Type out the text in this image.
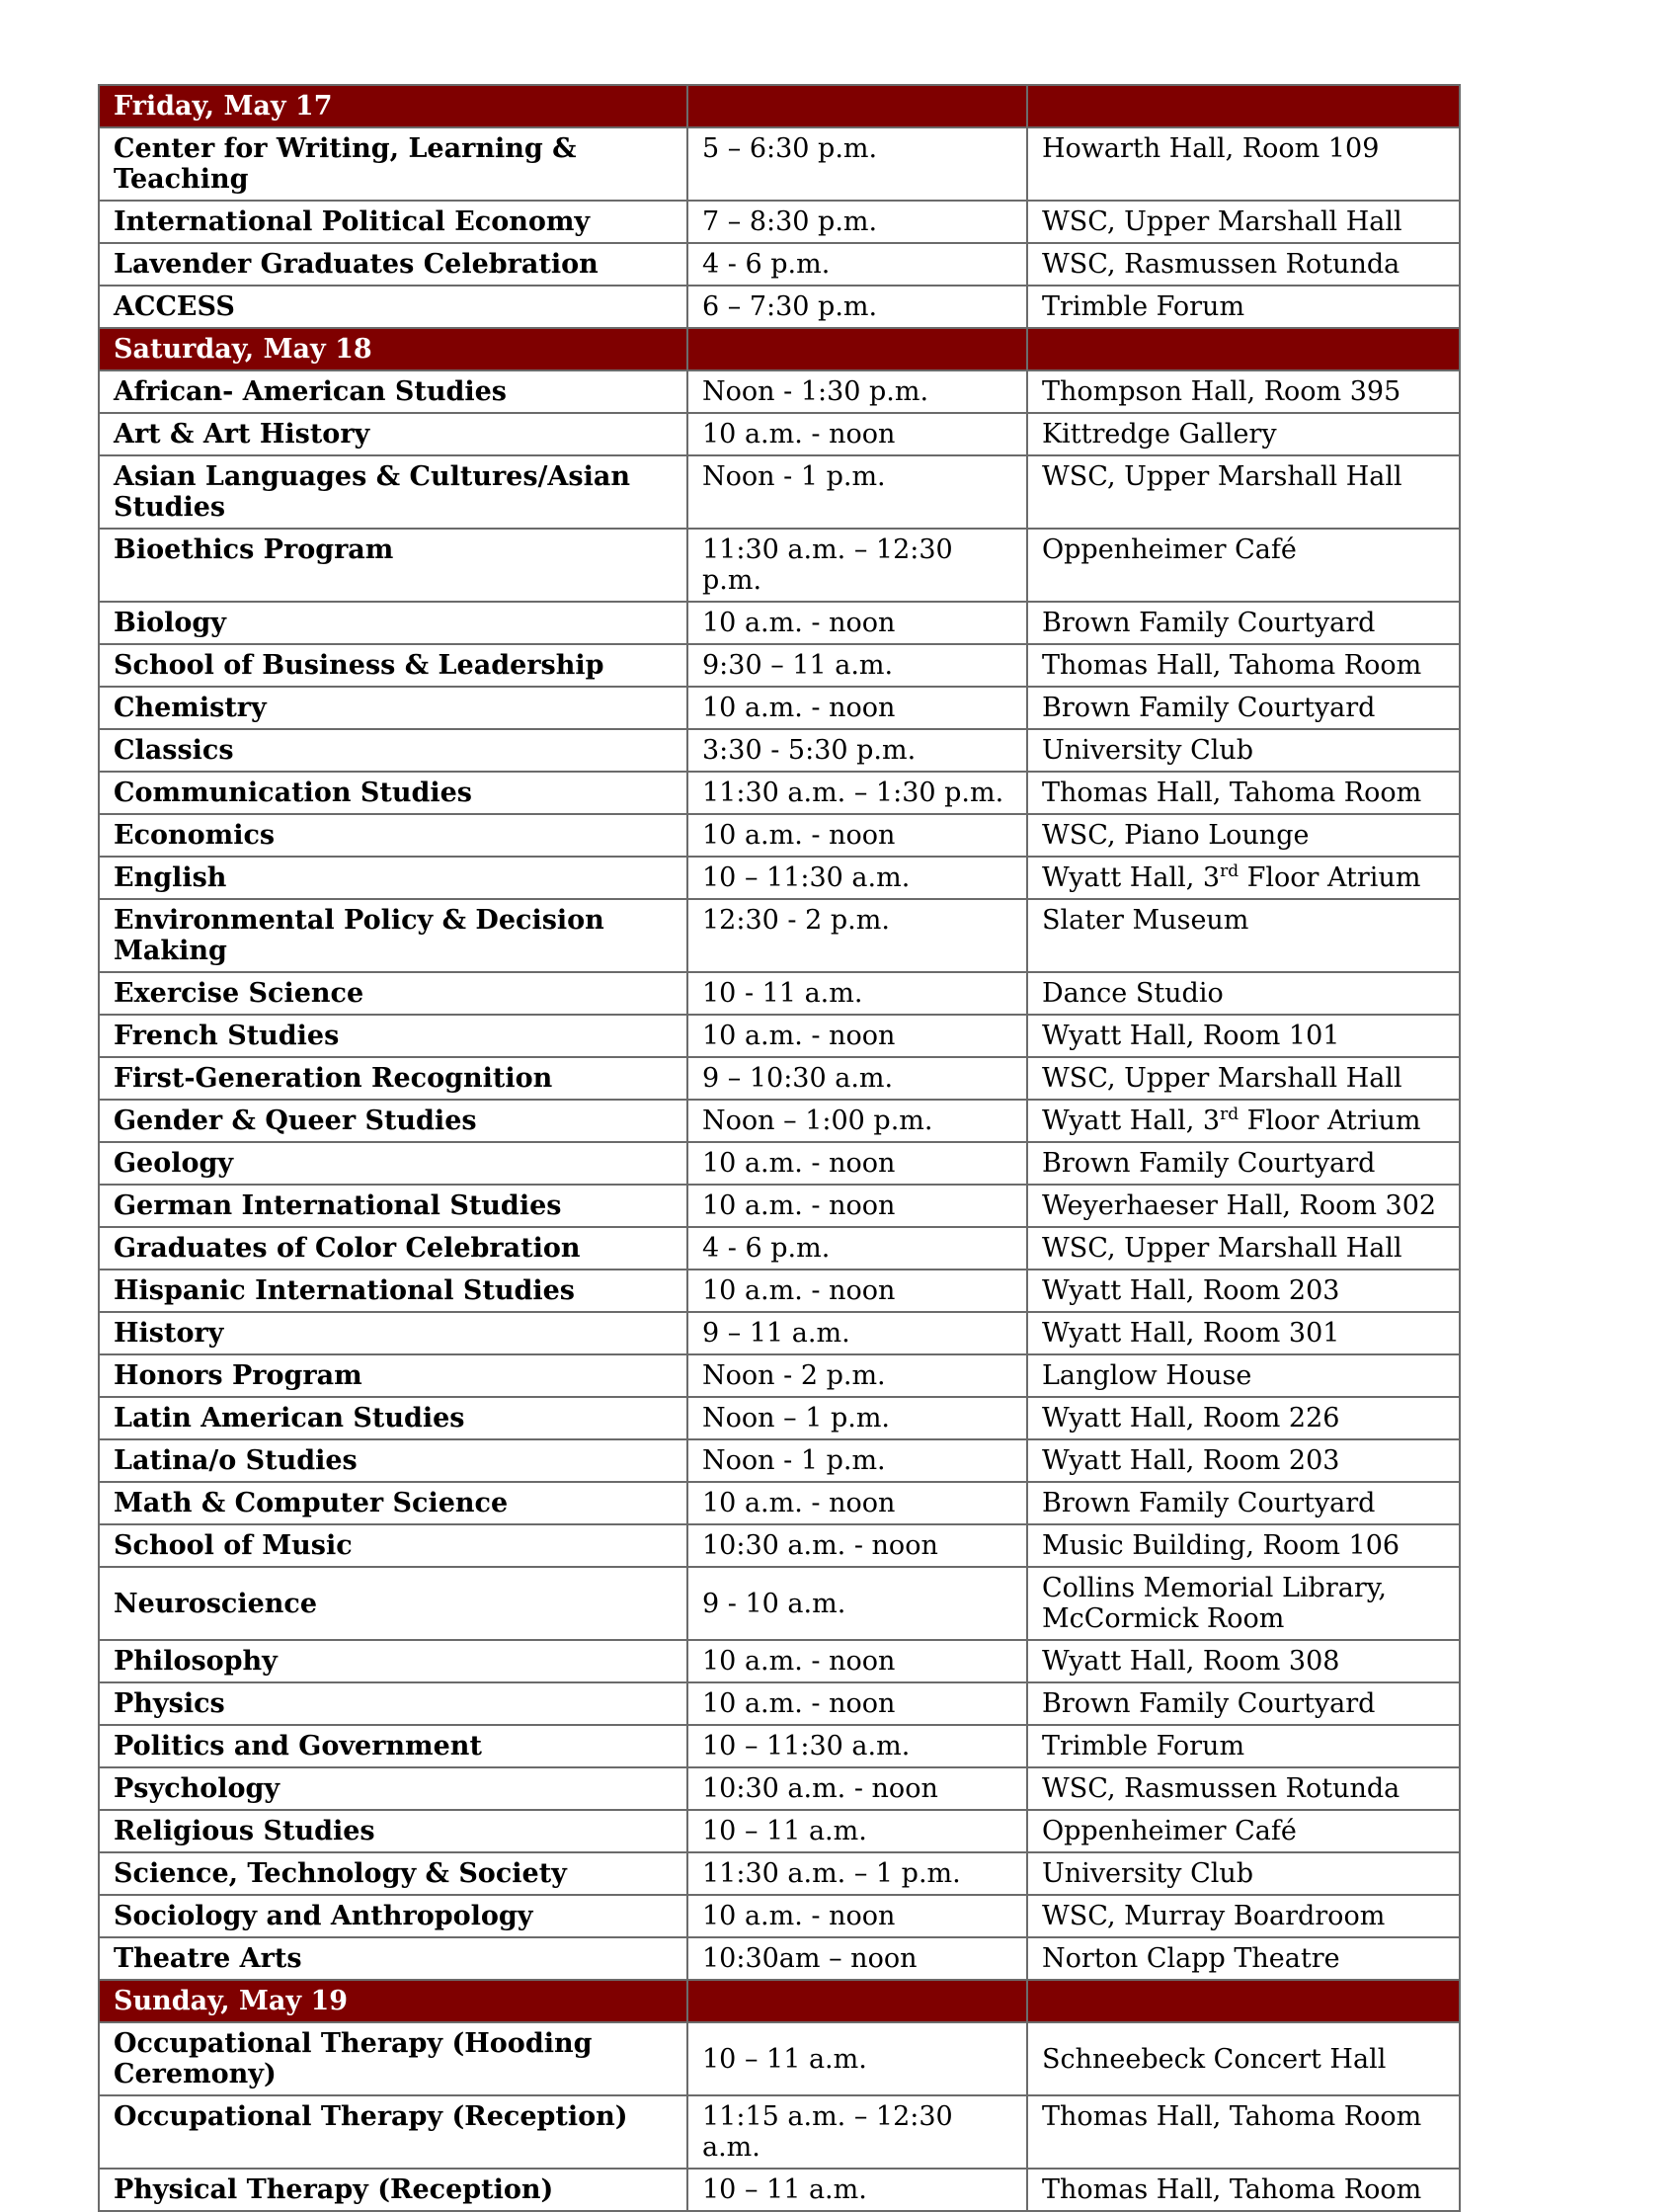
Friday, May 17		
Center for Writing, Learning & Teaching	5 – 6:30 p.m.	Howarth Hall, Room 109
International Political Economy	7 – 8:30 p.m.	WSC, Upper Marshall Hall
Lavender Graduates Celebration	4 - 6 p.m.	WSC, Rasmussen Rotunda
ACCESS	6 – 7:30 p.m.	Trimble Forum
Saturday, May 18		
African- American Studies	Noon - 1:30 p.m.	Thompson Hall, Room 395
Art & Art History	10 a.m. - noon	Kittredge Gallery
Asian Languages & Cultures/Asian Studies	Noon - 1 p.m.	WSC, Upper Marshall Hall
Bioethics Program	11:30 a.m. – 12:30 p.m.	Oppenheimer Café
Biology	10 a.m. - noon	Brown Family Courtyard
School of Business & Leadership	9:30 – 11 a.m.	Thomas Hall, Tahoma Room
Chemistry	10 a.m. - noon	Brown Family Courtyard
Classics	3:30 - 5:30 p.m.	University Club
Communication Studies	11:30 a.m. – 1:30 p.m.	Thomas Hall, Tahoma Room
Economics	10 a.m. - noon	WSC, Piano Lounge
English	10 – 11:30 a.m.	Wyatt Hall, 3rd Floor Atrium
Environmental Policy & Decision Making	12:30 - 2 p.m.	Slater Museum
Exercise Science	10 - 11 a.m.	Dance Studio
French Studies	10 a.m. - noon	Wyatt Hall, Room 101
First-Generation Recognition	9 – 10:30 a.m.	WSC, Upper Marshall Hall
Gender & Queer Studies	Noon – 1:00 p.m.	Wyatt Hall, 3rd Floor Atrium
Geology	10 a.m. - noon	Brown Family Courtyard
German International Studies	10 a.m. - noon	Weyerhaeser Hall, Room 302
Graduates of Color Celebration	4 - 6 p.m.	WSC, Upper Marshall Hall
Hispanic International Studies	10 a.m. - noon	Wyatt Hall, Room 203
History	9 – 11 a.m.	Wyatt Hall, Room 301
Honors Program	Noon - 2 p.m.	Langlow House
Latin American Studies	Noon – 1 p.m.	Wyatt Hall, Room 226
Latina/o Studies	Noon - 1 p.m.	Wyatt Hall, Room 203
Math & Computer Science	10 a.m. - noon	Brown Family Courtyard
School of Music	10:30 a.m. - noon	Music Building, Room 106
Neuroscience	9 - 10 a.m.	Collins Memorial Library, McCormick Room
Philosophy	10 a.m. - noon	Wyatt Hall, Room 308
Physics	10 a.m. - noon	Brown Family Courtyard
Politics and Government	10 – 11:30 a.m.	Trimble Forum
Psychology	10:30 a.m. - noon	WSC, Rasmussen Rotunda
Religious Studies	10 – 11 a.m.	Oppenheimer Café
Science, Technology & Society	11:30 a.m. – 1 p.m.	University Club
Sociology and Anthropology	10 a.m. - noon	WSC, Murray Boardroom
Theatre Arts	10:30am – noon	Norton Clapp Theatre
Sunday, May 19		
Occupational Therapy (Hooding Ceremony)	10 – 11 a.m.	Schneebeck Concert Hall
Occupational Therapy (Reception)	11:15 a.m. – 12:30 a.m.	Thomas Hall, Tahoma Room
Physical Therapy (Reception)	10 – 11 a.m.	Thomas Hall, Tahoma Room
